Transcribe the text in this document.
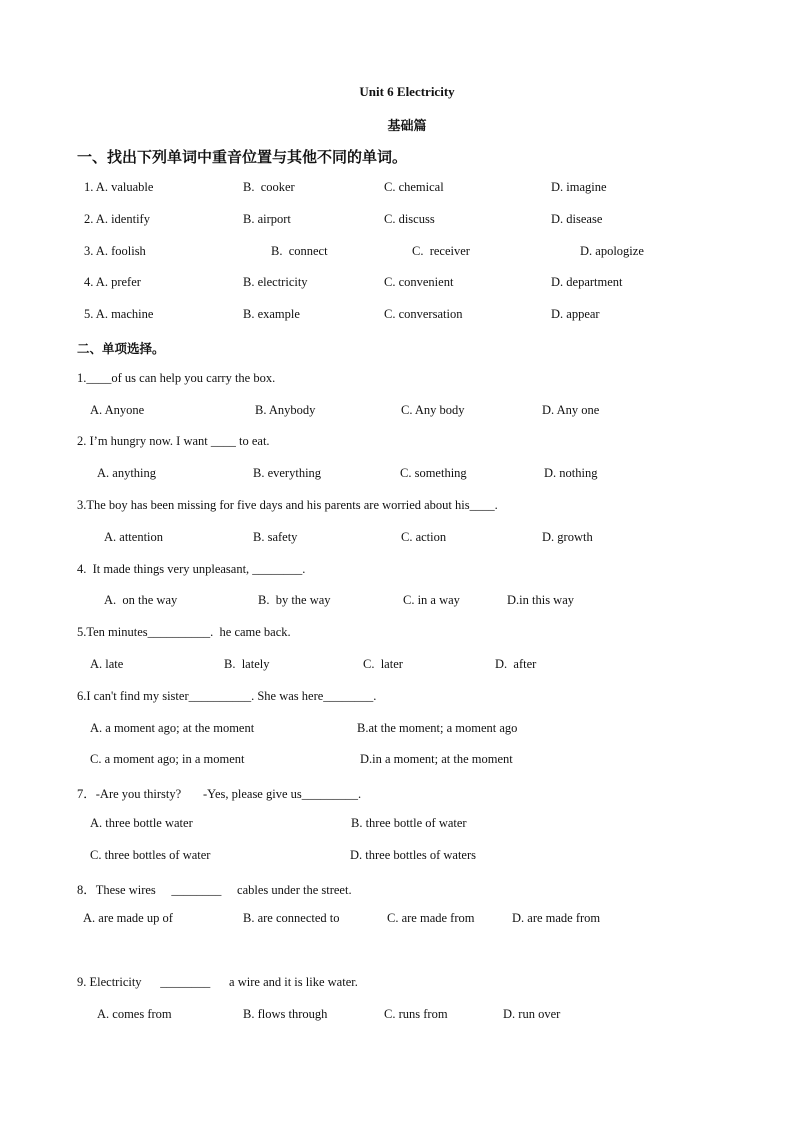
Unit 6 Electricity
基础篇
一、找出下列单词中重音位置与其他不同的单词。
1. A. valuable	B.  cooker	C. chemical	D. imagine
2. A. identify	B. airport	C. discuss	D. disease
3. A. foolish	B.  connect	C.  receiver	D. apologize
4. A. prefer	B. electricity	C. convenient	D. department
5. A. machine	B. example	C. conversation	D. appear
二、单项选择。
1.____of us can help you carry the box.
A. Anyone	B. Anybody	C. Any body	D. Any one
2. I’m hungry now. I want ____ to eat.
A. anything	B. everything	C. something	D. nothing
3.The boy has been missing for five days and his parents are worried about his____.
A. attention	B. safety	C. action	D. growth
4.  It made things very unpleasant, ________.
A.  on the way	B.  by the way	C. in a way	D.in this way
5.Ten minutes__________.  he came back.
A. late	B.  lately	C.  later	D.  after
6.I can't find my sister__________. She was here________.
A. a moment ago; at the moment	B.at the moment; a moment ago
C. a moment ago; in a moment	D.in a moment; at the moment
7．-Are you thirsty?       -Yes, please give us_________.
A. three bottle water	B. three bottle of water
C. three bottles of water	D. three bottles of waters
8．These wires     ________     cables under the street.
A. are made up of	B. are connected to	C. are made from	D. are made from
9. Electricity      ________      a wire and it is like water.
A. comes from	B. flows through	C. runs from	D. run over
